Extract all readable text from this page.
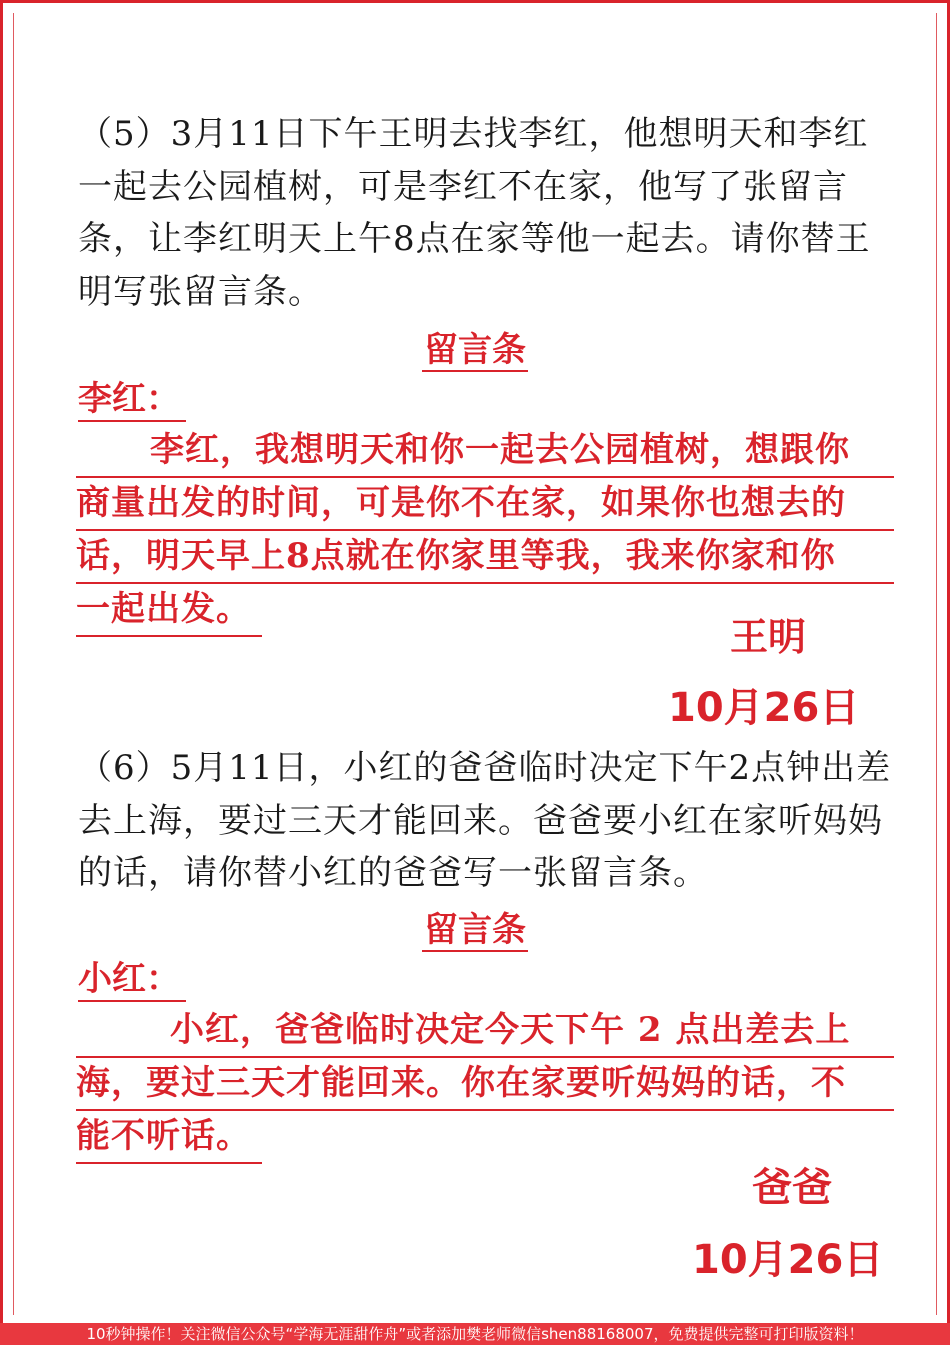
（5）3月11日下午王明去找李红，他想明天和李红一起去公园植树，可是李红不在家，他写了张留言条，让李红明天上午8点在家等他一起去。请你替王明写张留言条。
留言条
李红：
李红，我想明天和你一起去公园植树，想跟你
商量出发的时间，可是你不在家，如果你也想去的
话，明天早上8点就在你家里等我，我来你家和你
一起出发。
王明
10月26日
（6）5月11日，小红的爸爸临时决定下午2点钟出差去上海，要过三天才能回来。爸爸要小红在家听妈妈的话，请你替小红的爸爸写一张留言条。
留言条
小红：
小红，爸爸临时决定今天下午 2 点出差去上
海，要过三天才能回来。你在家要听妈妈的话，不
能不听话。
爸爸
10月26日
10秒钟操作！关注微信公众号“学海无涯甜作舟”或者添加樊老师微信shen88168007，免费提供完整可打印版资料！
